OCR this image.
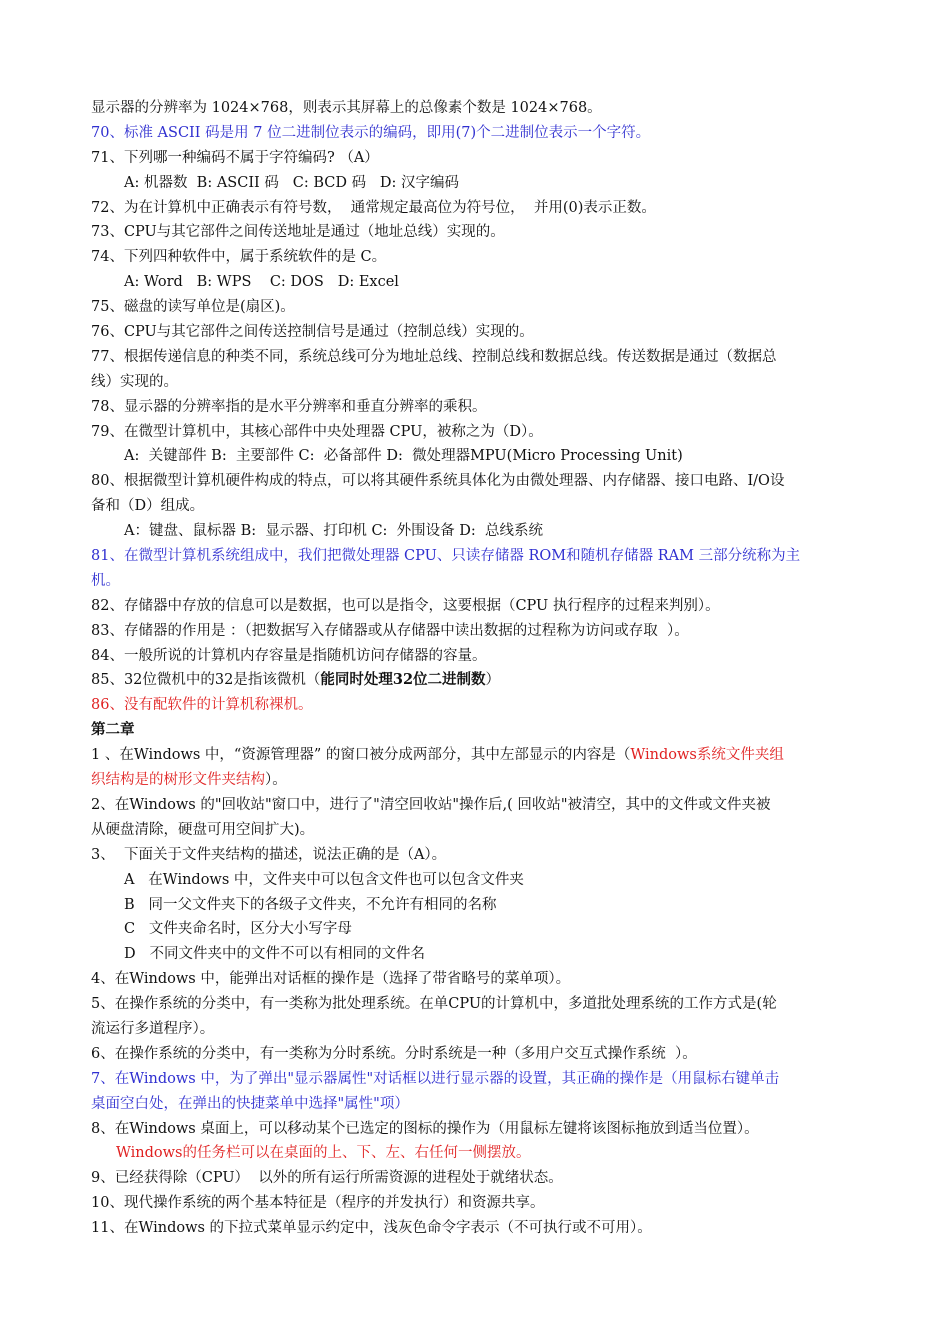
显示器的分辨率为 1024×768，则表示其屏幕上的总像素个数是 1024×768。
70、标准 ASCII 码是用 7 位二进制位表示的编码，即用(7)个二进制位表示一个字符。
71、下列哪一种编码不属于字符编码? （A）
A: 机器数  B: ASCII 码   C: BCD 码   D: 汉字编码
72、为在计算机中正确表示有符号数，  通常规定最高位为符号位，  并用(0)表示正数。
73、CPU与其它部件之间传送地址是通过（地址总线）实现的。
74、下列四种软件中，属于系统软件的是 C。
A: Word   B: WPS    C: DOS   D: Excel
75、磁盘的读写单位是(扇区)。
76、CPU与其它部件之间传送控制信号是通过（控制总线）实现的。
77、根据传递信息的种类不同，系统总线可分为地址总线、控制总线和数据总线。传送数据是通过（数据总
线）实现的。
78、显示器的分辨率指的是水平分辨率和垂直分辨率的乘积。
79、在微型计算机中，其核心部件中央处理器 CPU，被称之为（D）。
A:  关键部件 B:  主要部件 C:  必备部件 D:  微处理器MPU(Micro Processing Unit)
80、根据微型计算机硬件构成的特点，可以将其硬件系统具体化为由微处理器、内存储器、接口电路、I/O设
备和（D）组成。
A：键盘、鼠标器 B:  显示器、打印机 C:  外围设备 D:  总线系统
81、在微型计算机系统组成中，我们把微处理器 CPU、只读存储器 ROM和随机存储器 RAM 三部分统称为主
机。
82、存储器中存放的信息可以是数据，也可以是指令，这要根据（CPU 执行程序的过程来判别）。
83、存储器的作用是 ：（把数据写入存储器或从存储器中读出数据的过程称为访问或存取  ）。
84、一般所说的计算机内存容量是指随机访问存储器的容量。
85、32位微机中的32是指该微机（能同时处理32位二进制数）
86、没有配软件的计算机称裸机。
第二章
1 、在Windows 中，“资源管理器” 的窗口被分成两部分，其中左部显示的内容是（Windows系统文件夹组
织结构是的树形文件夹结构）。
2、在Windows 的"回收站"窗口中，进行了"清空回收站"操作后,( 回收站"被清空，其中的文件或文件夹被
从硬盘清除，硬盘可用空间扩大)。
3、  下面关于文件夹结构的描述，说法正确的是（A）。
A   在Windows 中，文件夹中可以包含文件也可以包含文件夹
B   同一父文件夹下的各级子文件夹，不允许有相同的名称
C   文件夹命名时，区分大小写字母
D   不同文件夹中的文件不可以有相同的文件名
4、在Windows 中，能弹出对话框的操作是（选择了带省略号的菜单项）。
5、在操作系统的分类中，有一类称为批处理系统。在单CPU的计算机中，多道批处理系统的工作方式是(轮
流运行多道程序）。
6、在操作系统的分类中，有一类称为分时系统。分时系统是一种（多用户交互式操作系统  ）。
7、在Windows 中，为了弹出"显示器属性"对话框以进行显示器的设置，其正确的操作是（用鼠标右键单击
桌面空白处，在弹出的快捷菜单中选择"属性"项）
8、在Windows 桌面上，可以移动某个已选定的图标的操作为（用鼠标左键将该图标拖放到适当位置）。
Windows的任务栏可以在桌面的上、下、左、右任何一侧摆放。
9、已经获得除（CPU）  以外的所有运行所需资源的进程处于就绪状态。
10、现代操作系统的两个基本特征是（程序的并发执行）和资源共享。
11、在Windows 的下拉式菜单显示约定中，浅灰色命令字表示（不可执行或不可用）。
